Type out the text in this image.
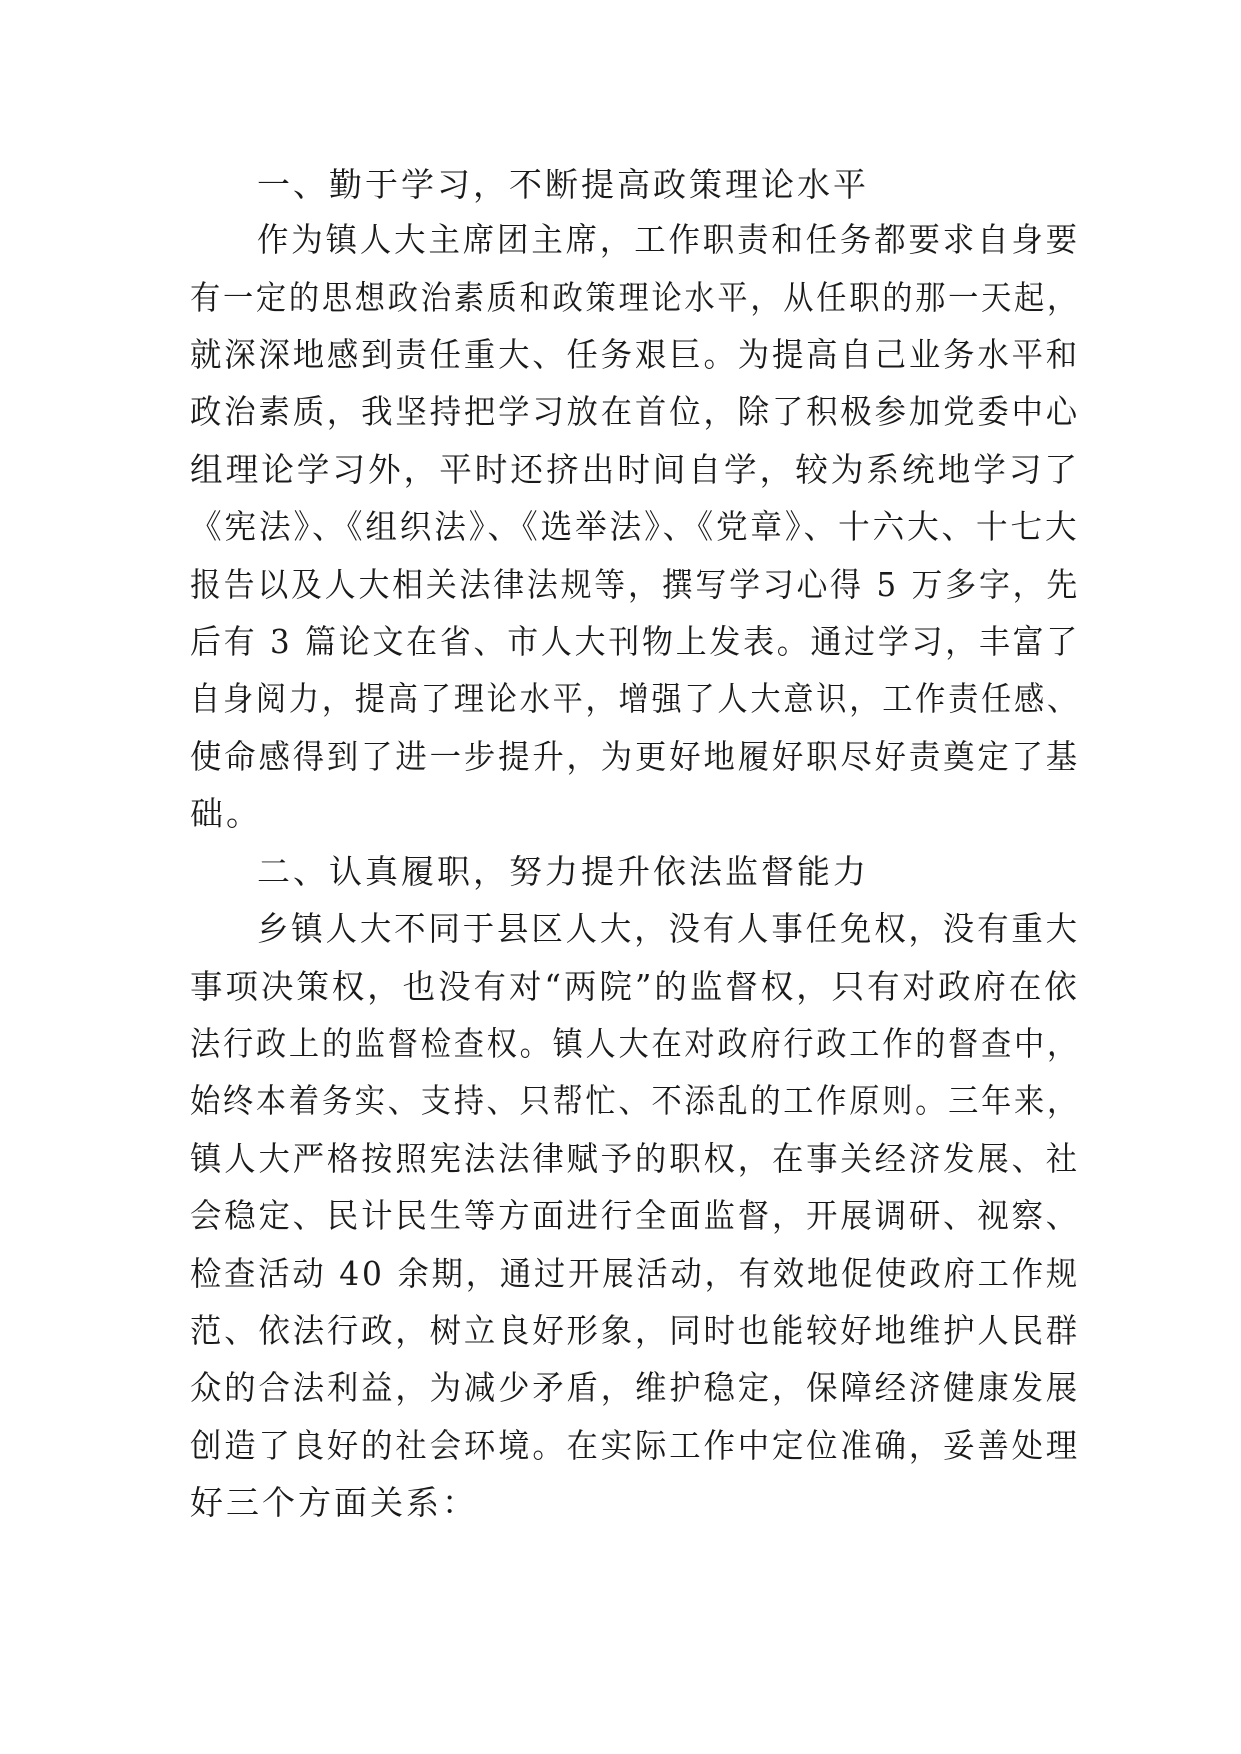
一、勤于学习，不断提高政策理论水平
作为镇人大主席团主席，工作职责和任务都要求自身要
有一定的思想政治素质和政策理论水平，从任职的那一天起，
就深深地感到责任重大、任务艰巨。为提高自己业务水平和
政治素质，我坚持把学习放在首位，除了积极参加党委中心
组理论学习外，平时还挤出时间自学，较为系统地学习了
《宪法》、《组织法》、《选举法》、《党章》、十六大、十七大
报告以及人大相关法律法规等，撰写学习心得 5 万多字，先
后有 3 篇论文在省、市人大刊物上发表。通过学习，丰富了
自身阅力，提高了理论水平，增强了人大意识，工作责任感、
使命感得到了进一步提升，为更好地履好职尽好责奠定了基
础。
二、认真履职，努力提升依法监督能力
乡镇人大不同于县区人大，没有人事任免权，没有重大
事项决策权，也没有对“两院”的监督权，只有对政府在依
法行政上的监督检查权。镇人大在对政府行政工作的督查中，
始终本着务实、支持、只帮忙、不添乱的工作原则。三年来，
镇人大严格按照宪法法律赋予的职权，在事关经济发展、社
会稳定、民计民生等方面进行全面监督，开展调研、视察、
检查活动 40 余期，通过开展活动，有效地促使政府工作规
范、依法行政，树立良好形象，同时也能较好地维护人民群
众的合法利益，为减少矛盾，维护稳定，保障经济健康发展
创造了良好的社会环境。在实际工作中定位准确，妥善处理
好三个方面关系：
